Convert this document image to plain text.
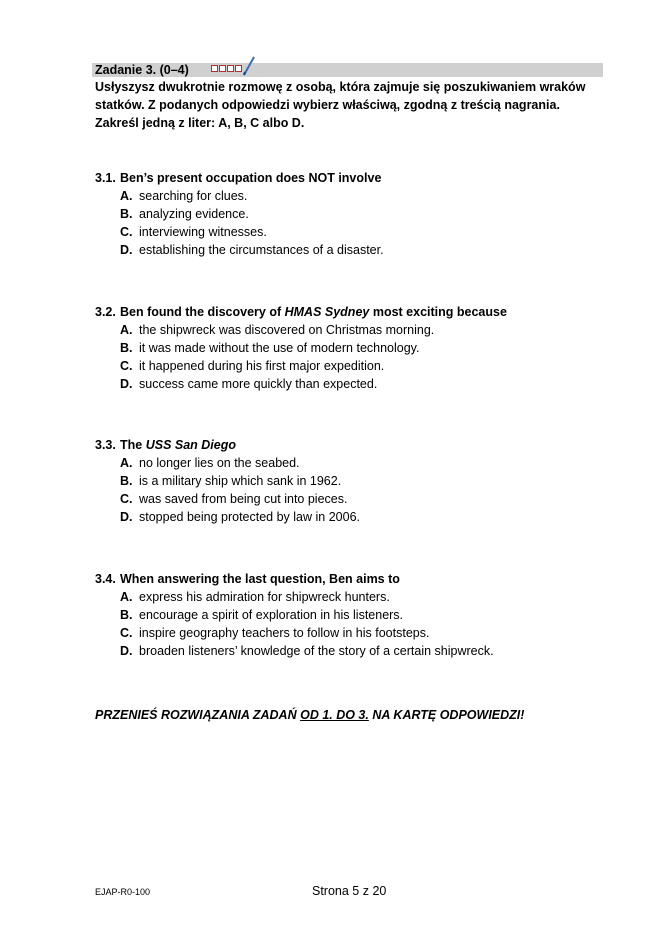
Zadanie 3. (0–4)
Usłyszysz dwukrotnie rozmowę z osobą, która zajmuje się poszukiwaniem wraków statków. Z podanych odpowiedzi wybierz właściwą, zgodną z treścią nagrania. Zakreśl jedną z liter: A, B, C albo D.
3.1. Ben’s present occupation does NOT involve
A. searching for clues.
B. analyzing evidence.
C. interviewing witnesses.
D. establishing the circumstances of a disaster.
3.2. Ben found the discovery of HMAS Sydney most exciting because
A. the shipwreck was discovered on Christmas morning.
B. it was made without the use of modern technology.
C. it happened during his first major expedition.
D. success came more quickly than expected.
3.3. The USS San Diego
A. no longer lies on the seabed.
B. is a military ship which sank in 1962.
C. was saved from being cut into pieces.
D. stopped being protected by law in 2006.
3.4. When answering the last question, Ben aims to
A. express his admiration for shipwreck hunters.
B. encourage a spirit of exploration in his listeners.
C. inspire geography teachers to follow in his footsteps.
D. broaden listeners’ knowledge of the story of a certain shipwreck.
PRZENIEŚ ROZWIĄZANIA ZADAŃ OD 1. DO 3. NA KARTĘ ODPOWIEDZI!
EJAP-R0-100	Strona 5 z 20
